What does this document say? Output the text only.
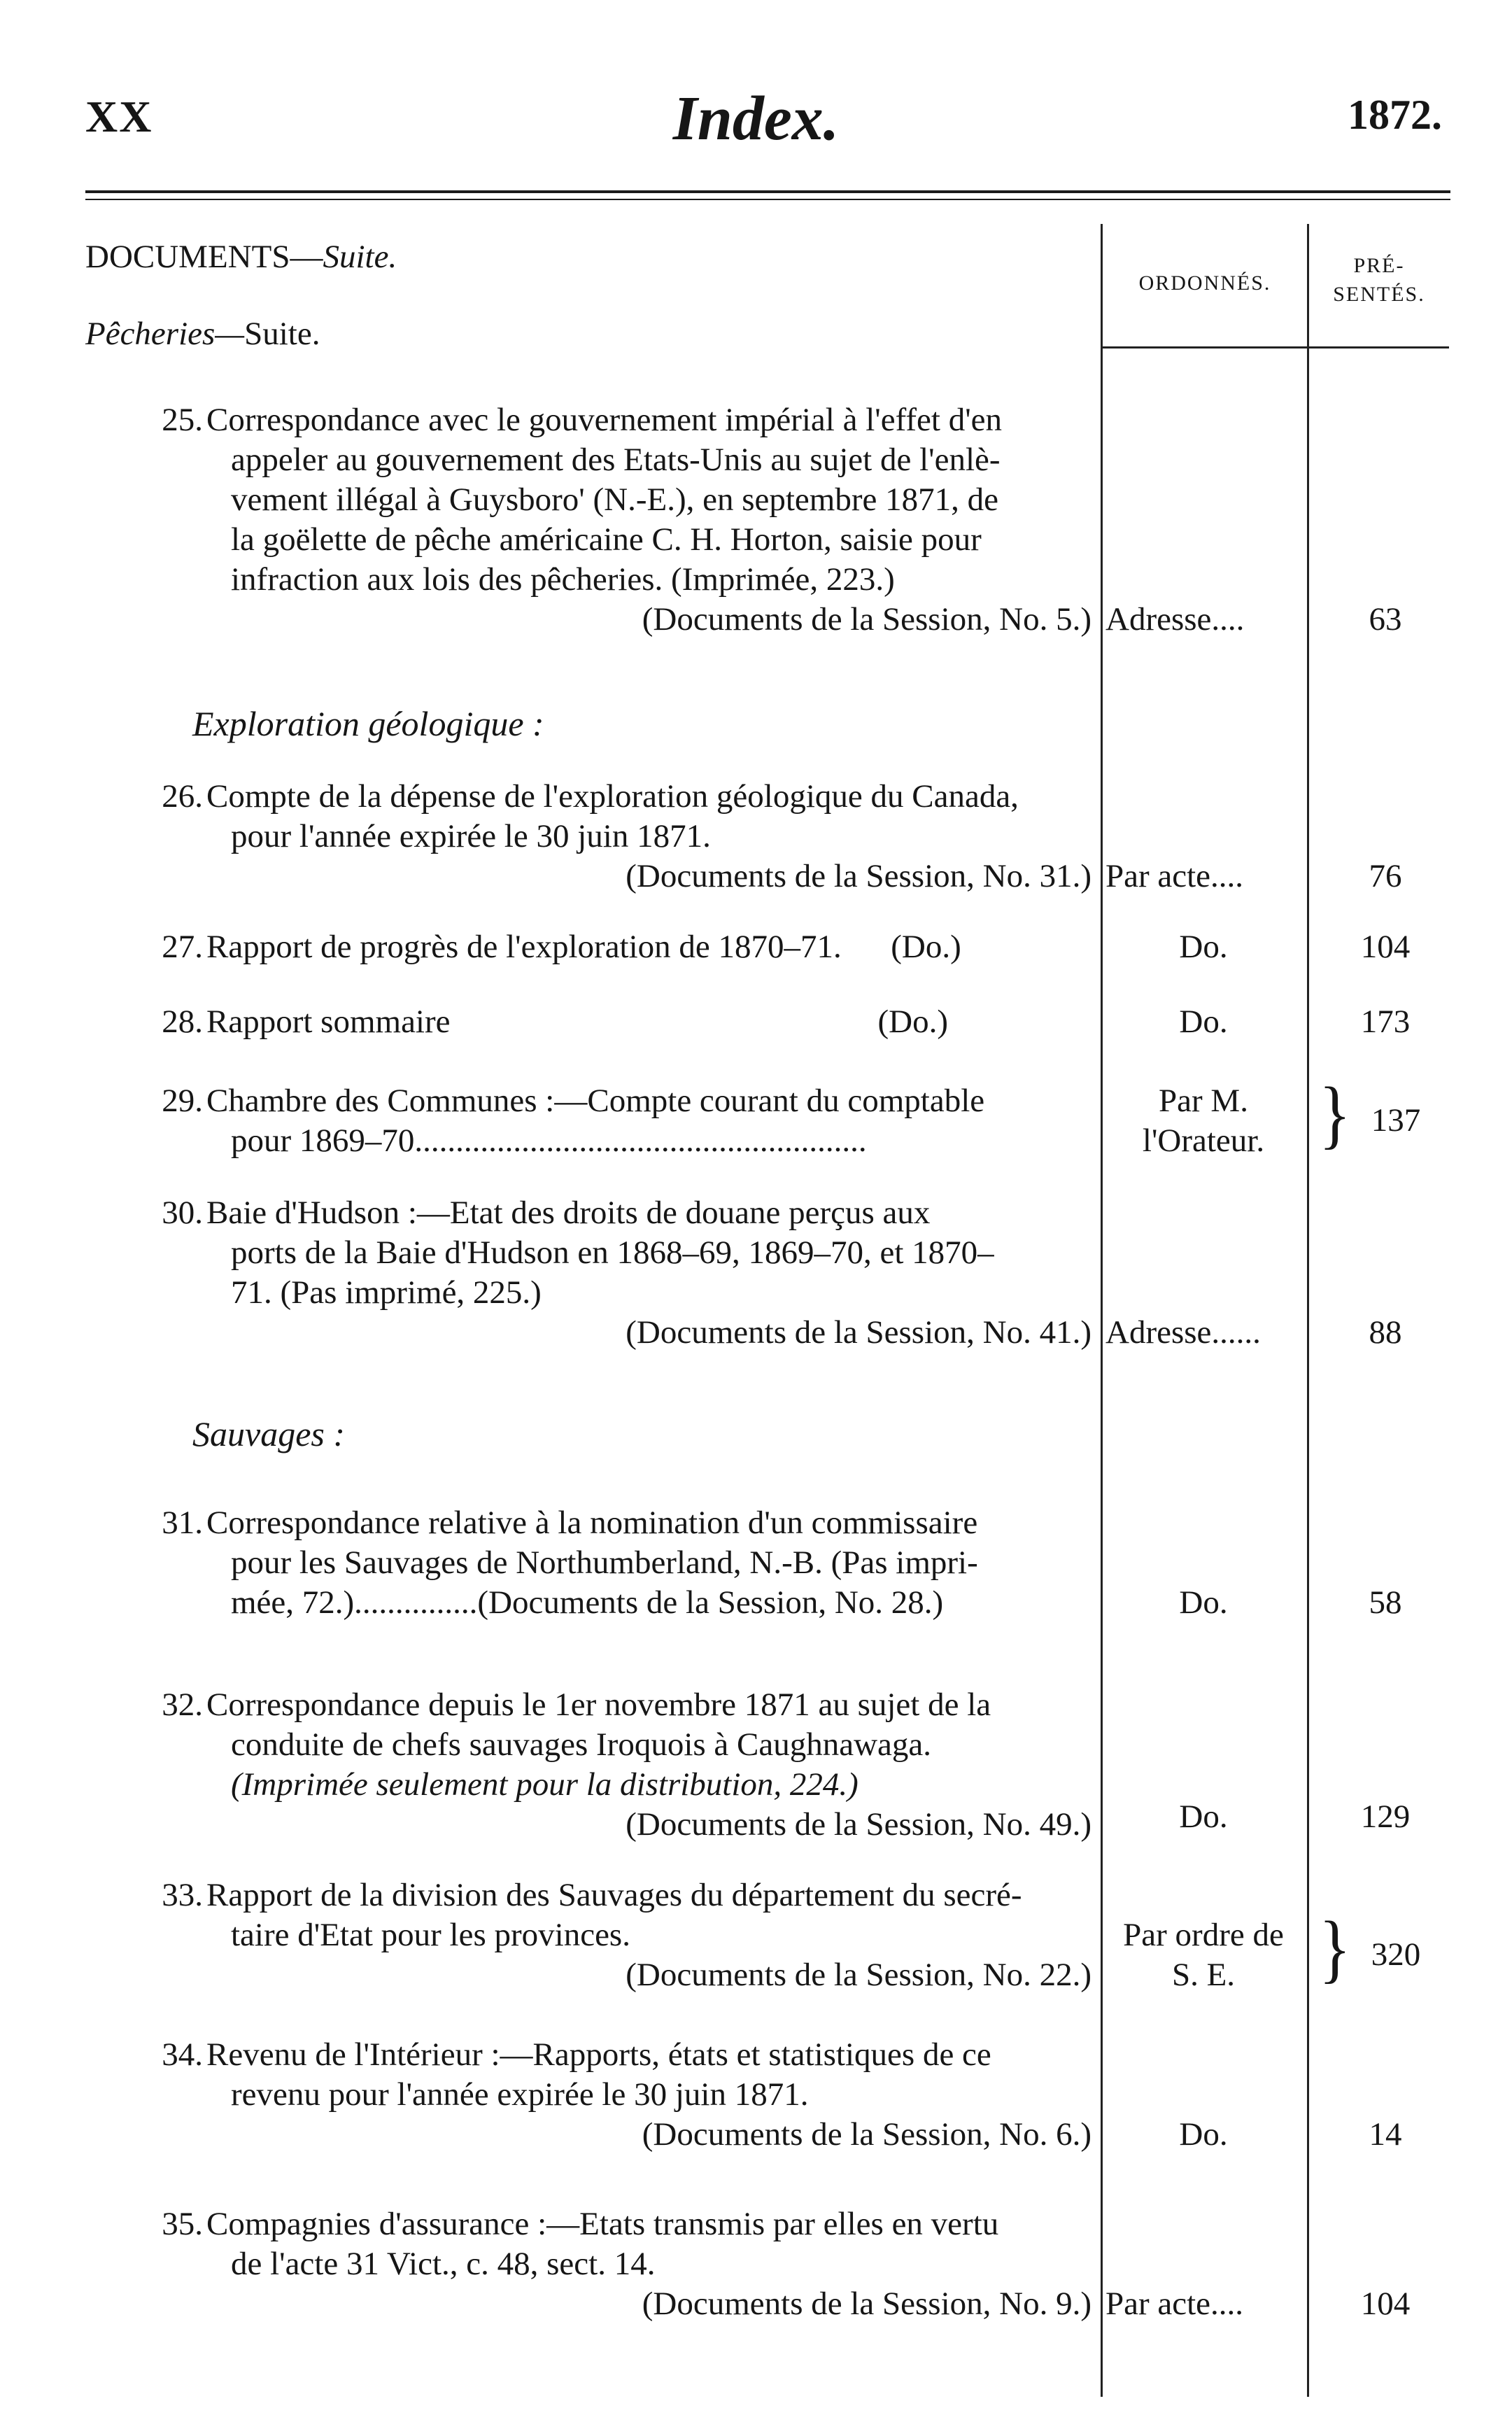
XX	Index.	1872.
DOCUMENTS—Suite.
ORDONNÉS.
PRÉ-
SENTÉS.
Pêcheries—Suite.
25. Correspondance avec le gouvernement impérial à l'effet d'en
appeler au gouvernement des Etats-Unis au sujet de l'enlè-
vement illégal à Guysboro' (N.-E.), en septembre 1871, de
la goëlette de pêche américaine C. H. Horton, saisie pour
infraction aux lois des pêcheries. (Imprimée, 223.)
(Documents de la Session, No. 5.) Adresse....	63
Exploration géologique :
26. Compte de la dépense de l'exploration géologique du Canada,
pour l'année expirée le 30 juin 1871.
(Documents de la Session, No. 31.) Par acte....	76
27. Rapport de progrès de l'exploration de 1870–71.      (Do.)	Do.	104
28. Rapport sommaire                                                    (Do.)	Do.	173
29. Chambre des Communes :—Compte courant du comptable
pour 1869–70.......................................................
Par M.
l'Orateur. } 137
30. Baie d'Hudson :—Etat des droits de douane perçus aux
ports de la Baie d'Hudson en 1868–69, 1869–70, et 1870–
71. (Pas imprimé, 225.)
(Documents de la Session, No. 41.) Adresse......	88
Sauvages :
31. Correspondance relative à la nomination d'un commissaire
pour les Sauvages de Northumberland, N.-B. (Pas impri-
mée, 72.)...............(Documents de la Session, No. 28.)	Do.	58
32. Correspondance depuis le 1er novembre 1871 au sujet de la
conduite de chefs sauvages Iroquois à Caughnawaga.
(Imprimée seulement pour la distribution, 224.)
(Documents de la Session, No. 49.)	Do.	129
33. Rapport de la division des Sauvages du département du secré-
taire d'Etat pour les provinces.
(Documents de la Session, No. 22.)
Par ordre de
S. E.	} 320
34. Revenu de l'Intérieur :—Rapports, états et statistiques de ce
revenu pour l'année expirée le 30 juin 1871.
(Documents de la Session, No. 6.)	Do.	14
35. Compagnies d'assurance :—Etats transmis par elles en vertu
de l'acte 31 Vict., c. 48, sect. 14.
(Documents de la Session, No. 9.) Par acte....	104
